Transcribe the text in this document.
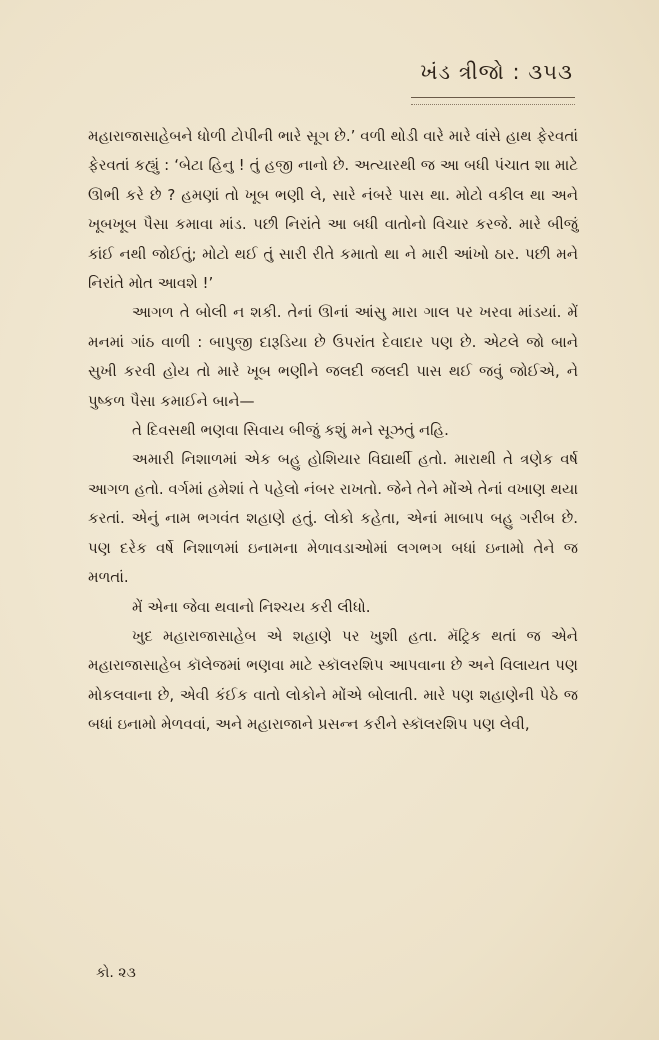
ખંડ ત્રીજો : ૩૫૩

મહારાજાસાહેબને ધોળી ટોપીની ભારે સૂગ છે.’ વળી થોડી વારે મારે વાંસે હાથ ફેરવતાં ફેરવતાં કહ્યું : ‘બેટા હિનુ ! તું હજી નાનો છે. અત્યારથી જ આ બધી પંચાત શા માટે ઊભી કરે છે ? હમણાં તો ખૂબ ભણી લે, સારે નંબરે પાસ થા. મોટો વકીલ થા અને ખૂબખૂબ પૈસા કમાવા માંડ. પછી નિરાંતે આ બધી વાતોનો વિચાર કરજે. મારે બીજું કાંઈ નથી જોઈતું; મોટો થઈ તું સારી રીતે કમાતો થા ને મારી આંખો ઠાર. પછી મને નિરાંતે મોત આવશે !’

આગળ તે બોલી ન શકી. તેનાં ઊનાં આંસુ મારા ગાલ પર ખરવા માંડયાં. મેં મનમાં ગાંઠ વાળી : બાપુજી દારૂડિયા છે ઉપરાંત દેવાદાર પણ છે. એટલે જો બાને સુખી કરવી હોય તો મારે ખૂબ ભણીને જલદી જલદી પાસ થઈ જવું જોઈએ, ને પુષ્કળ પૈસા કમાઈને બાને—

તે દિવસથી ભણવા સિવાય બીજું કશું મને સૂઝતું નહિ.

અમારી નિશાળમાં એક બહુ હોશિયાર વિદ્યાર્થી હતો. મારાથી તે ત્રણેક વર્ષ આગળ હતો. વર્ગમાં હમેશાં તે પહેલો નંબર રાખતો. જેને તેને મોંએ તેનાં વખાણ થયા કરતાં. એનું નામ ભગવંત શહાણે હતું. લોકો કહેતા, એનાં માબાપ બહુ ગરીબ છે. પણ દરેક વર્ષે નિશાળમાં ઇનામના મેળાવડાઓમાં લગભગ બધાં ઇનામો તેને જ મળતાં.

મેં એના જેવા થવાનો નિશ્ચય કરી લીધો.

ખુદ મહારાજાસાહેબ એ શહાણે પર ખુશી હતા. મૅટ્રિક થતાં જ એને મહારાજાસાહેબ કૉલેજમાં ભણવા માટે સ્કૉલરશિપ આપવાના છે અને વિલાયત પણ મોકલવાના છે, એવી કંઈક વાતો લોકોને મોંએ બોલાતી. મારે પણ શહાણેની પેઠે જ બધાં ઇનામો મેળવવાં, અને મહારાજાને પ્રસન્ન કરીને સ્કૉલરશિપ પણ લેવી,

કો. ૨૩
